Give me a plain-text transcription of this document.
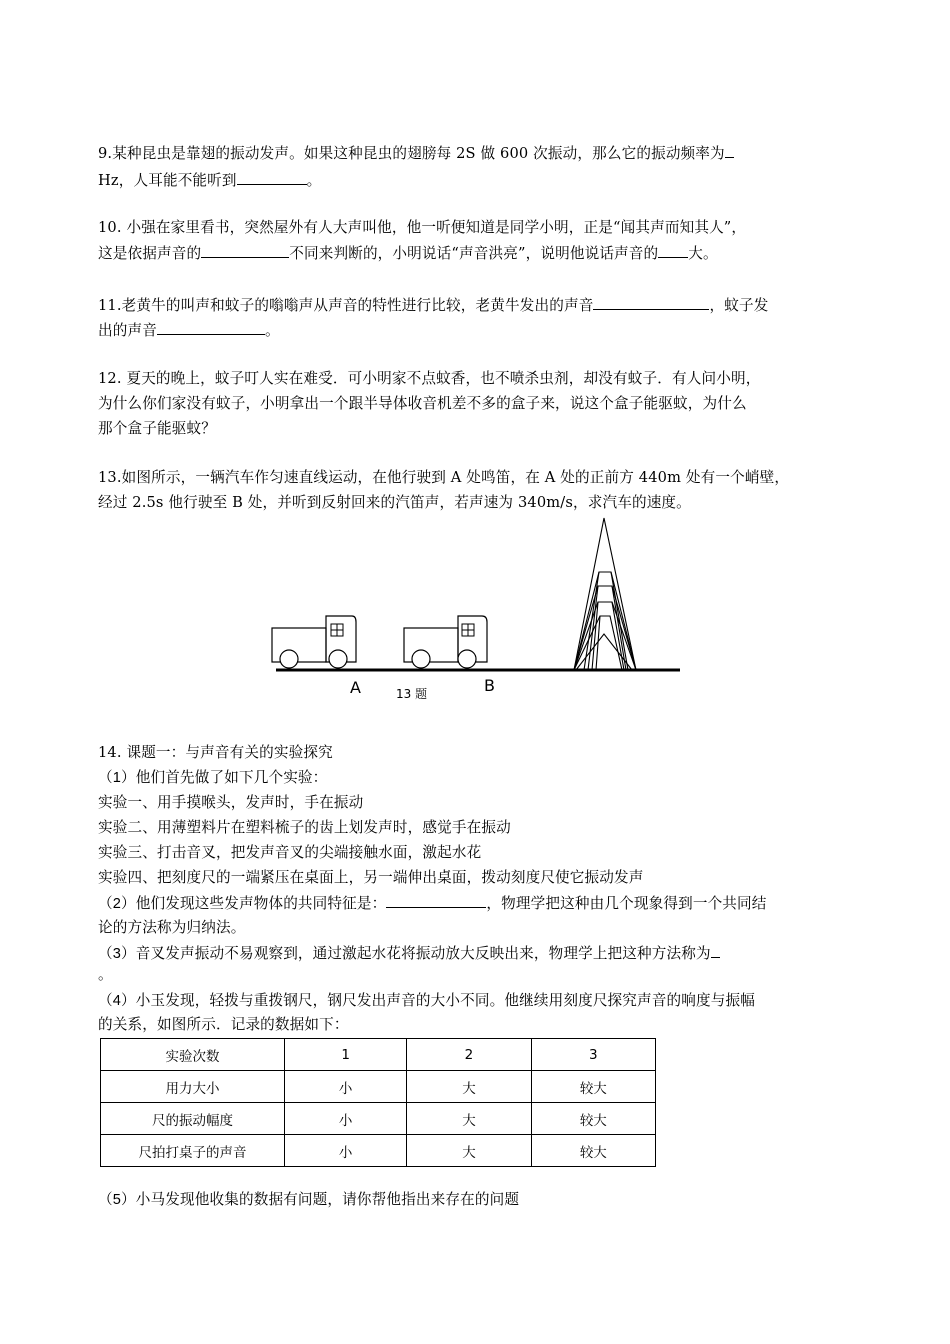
9.某种昆虫是靠翅的振动发声。如果这种昆虫的翅膀每 2S 做 600 次振动，那么它的振动频率为
Hz，人耳能不能听到	。
10. 小强在家里看书，突然屋外有人大声叫他，他一听便知道是同学小明，正是“闻其声而知其人”，
这是依据声音的	不同来判断的，小明说话“声音洪亮”，说明他说话声音的 大。
11.老黄牛的叫声和蚊子的嗡嗡声从声音的特性进行比较，老黄牛发出的声音	，蚊子发
出的声音	。
12. 夏天的晚上，蚊子叮人实在难受．可小明家不点蚊香，也不喷杀虫剂，却没有蚊子．有人问小明，
为什么你们家没有蚊子，小明拿出一个跟半导体收音机差不多的盒子来，说这个盒子能驱蚊，为什么
那个盒子能驱蚊？
13.如图所示，一辆汽车作匀速直线运动，在他行驶到 A 处鸣笛，在 A 处的正前方 440m 处有一个峭壁，
经过 2.5s 他行驶至 B 处，并听到反射回来的汽笛声，若声速为 340m/s，求汽车的速度。
A	B
13 题
14. 课题一：与声音有关的实验探究
（1）他们首先做了如下几个实验：
实验一、用手摸喉头，发声时，手在振动
实验二、用薄塑料片在塑料梳子的齿上划发声时，感觉手在振动
实验三、打击音叉，把发声音叉的尖端接触水面，激起水花
实验四、把刻度尺的一端紧压在桌面上，另一端伸出桌面，拨动刻度尺使它振动发声
（2）他们发现这些发声物体的共同特征是：	，物理学把这种由几个现象得到一个共同结
论的方法称为归纳法。
（3）音叉发声振动不易观察到，通过激起水花将振动放大反映出来，物理学上把这种方法称为
。
（4）小玉发现，轻拨与重拨钢尺，钢尺发出声音的大小不同。他继续用刻度尺探究声音的响度与振幅
的关系，如图所示．记录的数据如下：
实验次数	1	2	3
用力大小	小	大	较大
尺的振动幅度	小	大	较大
尺拍打桌子的声音	小	大	较大
（5）小马发现他收集的数据有问题，请你帮他指出来存在的问题
